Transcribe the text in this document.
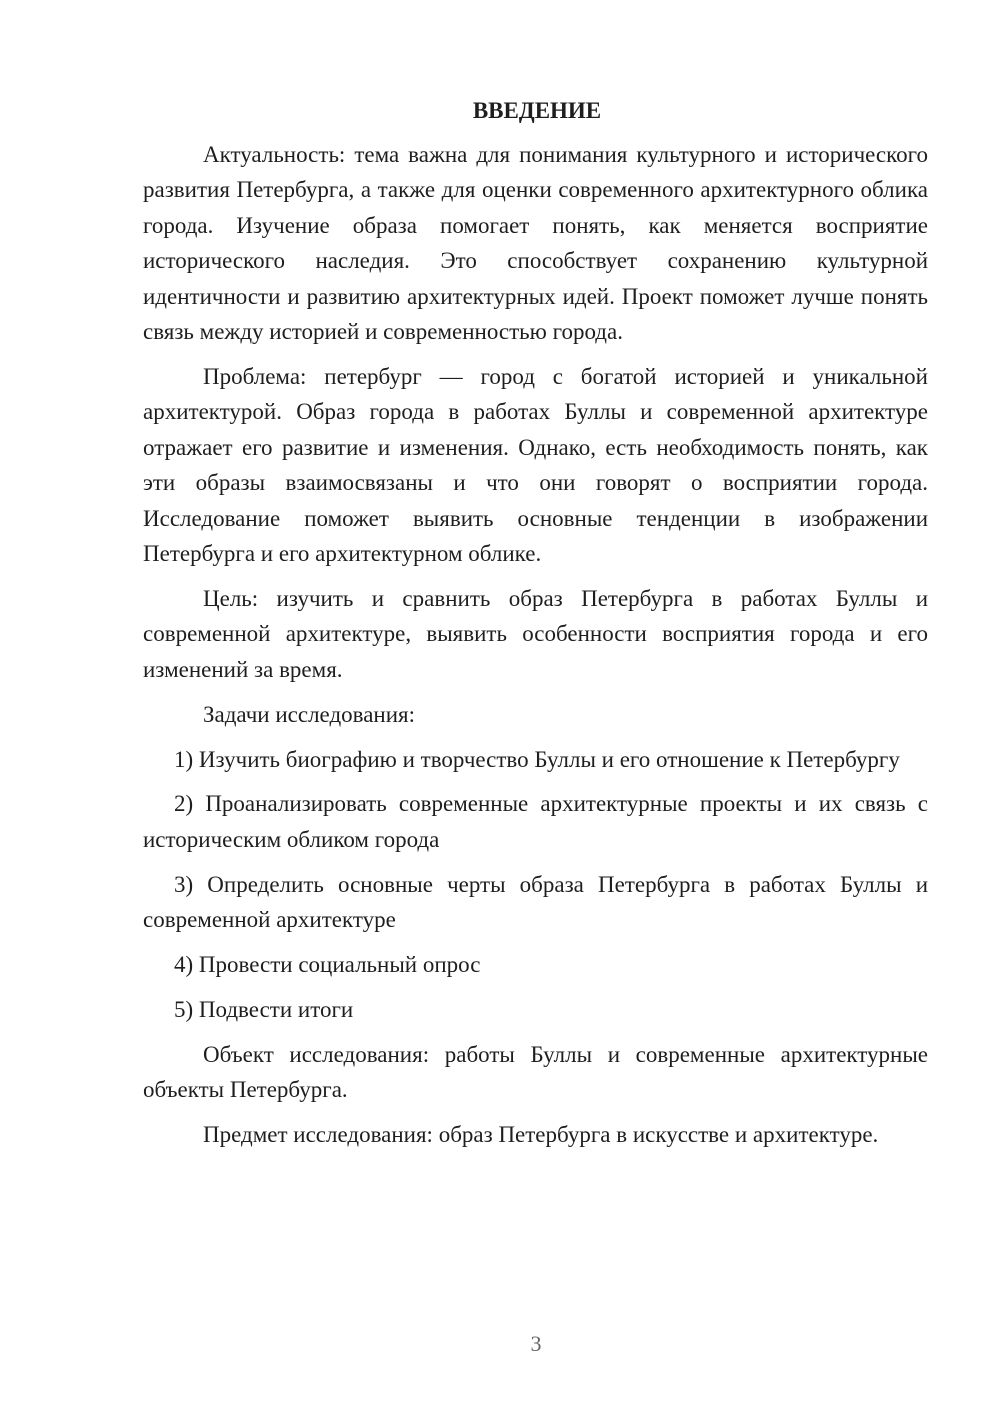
ВВЕДЕНИЕ

Актуальность: тема важна для понимания культурного и исторического развития Петербурга, а также для оценки современного архитектурного облика города. Изучение образа помогает понять, как меняется восприятие исторического наследия. Это способствует сохранению культурной идентичности и развитию архитектурных идей. Проект поможет лучше понять связь между историей и современностью города.

Проблема: петербург — город с богатой историей и уникальной архитектурой. Образ города в работах Буллы и современной архитектуре отражает его развитие и изменения. Однако, есть необходимость понять, как эти образы взаимосвязаны и что они говорят о восприятии города. Исследование поможет выявить основные тенденции в изображении Петербурга и его архитектурном облике.

Цель: изучить и сравнить образ Петербурга в работах Буллы и современной архитектуре, выявить особенности восприятия города и его изменений за время.

Задачи исследования:

1) Изучить биографию и творчество Буллы и его отношение к Петербургу

2) Проанализировать современные архитектурные проекты и их связь с историческим обликом города

3) Определить основные черты образа Петербурга в работах Буллы и современной архитектуре

4) Провести социальный опрос

5) Подвести итоги

Объект исследования: работы Буллы и современные архитектурные объекты Петербурга.

Предмет исследования: образ Петербурга в искусстве и архитектуре.

3
